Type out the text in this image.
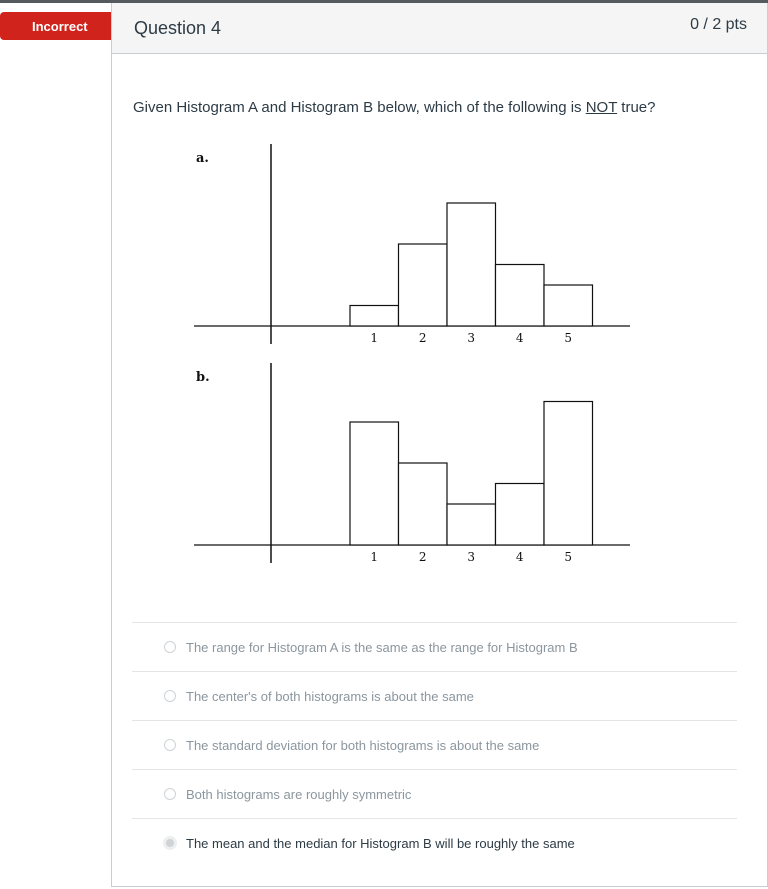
Incorrect	Question 4	0 / 2 pts
Given Histogram A and Histogram B below, which of the following is NOT true?
a.
1	2	3	4	5
b.
1	2	3	4	5
The range for Histogram A is the same as the range for Histogram B
The center's of both histograms is about the same
The standard deviation for both histograms is about the same
Both histograms are roughly symmetric
The mean and the median for Histogram B will be roughly the same
